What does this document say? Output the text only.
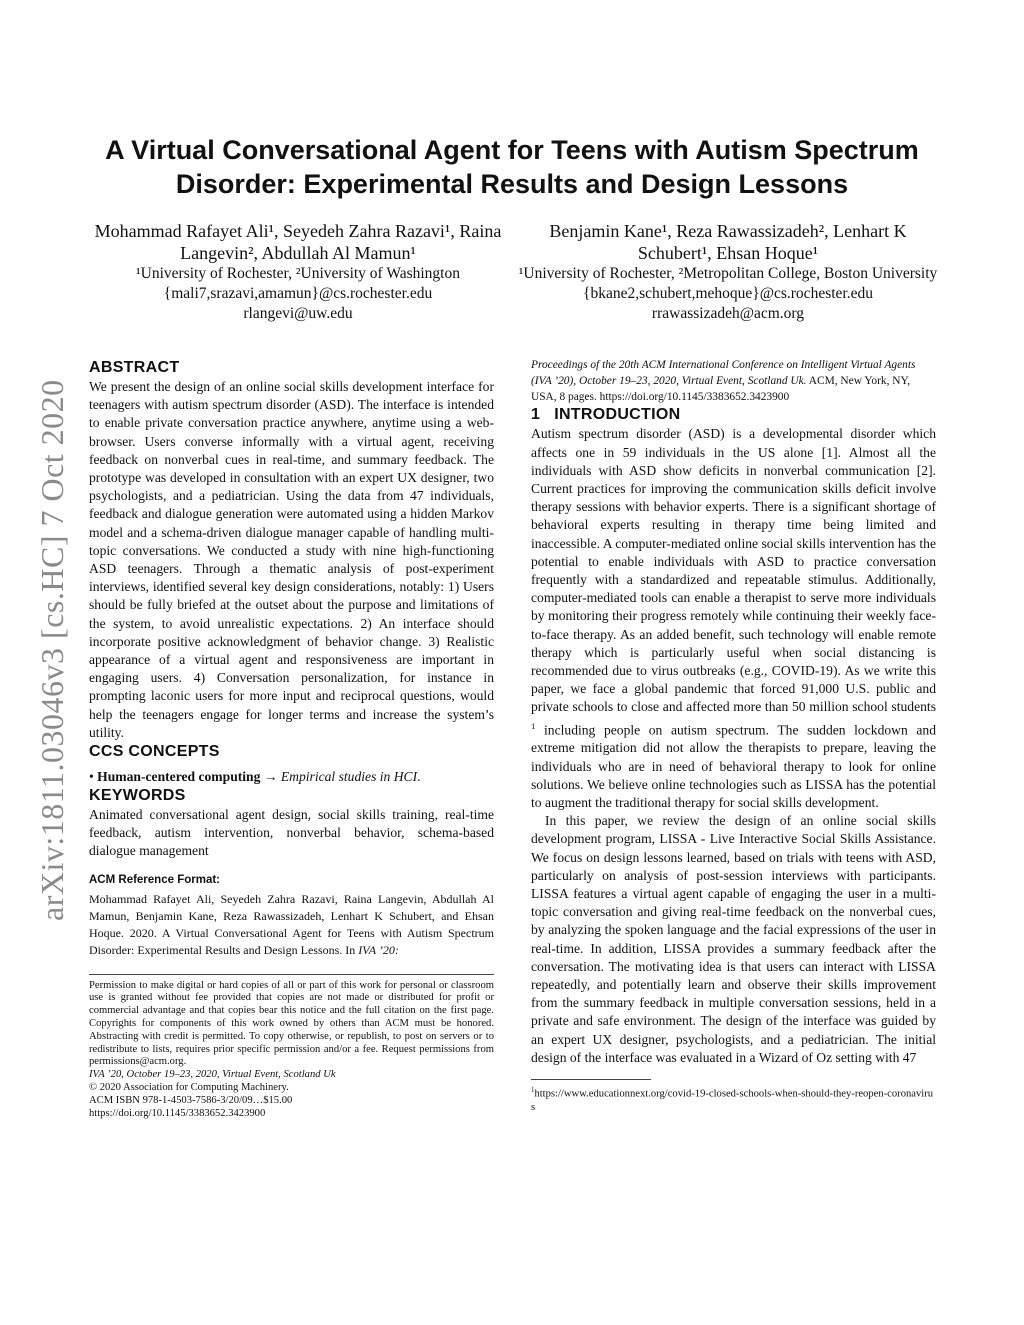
arXiv:1811.03046v3 [cs.HC] 7 Oct 2020
A Virtual Conversational Agent for Teens with Autism Spectrum Disorder: Experimental Results and Design Lessons
Mohammad Rafayet Ali¹, Seyedeh Zahra Razavi¹, Raina Langevin², Abdullah Al Mamun¹
¹University of Rochester, ²University of Washington
{mali7,srazavi,amamun}@cs.rochester.edu
rlangevi@uw.edu
Benjamin Kane¹, Reza Rawassizadeh², Lenhart K Schubert¹, Ehsan Hoque¹
¹University of Rochester, ²Metropolitan College, Boston University
{bkane2,schubert,mehoque}@cs.rochester.edu
rrawassizadeh@acm.org
ABSTRACT

We present the design of an online social skills development interface for teenagers with autism spectrum disorder (ASD). The interface is intended to enable private conversation practice anywhere, anytime using a web-browser. Users converse informally with a virtual agent, receiving feedback on nonverbal cues in real-time, and summary feedback. The prototype was developed in consultation with an expert UX designer, two psychologists, and a pediatrician. Using the data from 47 individuals, feedback and dialogue generation were automated using a hidden Markov model and a schema-driven dialogue manager capable of handling multi-topic conversations. We conducted a study with nine high-functioning ASD teenagers. Through a thematic analysis of post-experiment interviews, identified several key design considerations, notably: 1) Users should be fully briefed at the outset about the purpose and limitations of the system, to avoid unrealistic expectations. 2) An interface should incorporate positive acknowledgment of behavior change. 3) Realistic appearance of a virtual agent and responsiveness are important in engaging users. 4) Conversation personalization, for instance in prompting laconic users for more input and reciprocal questions, would help the teenagers engage for longer terms and increase the system’s utility.

CCS CONCEPTS
• Human-centered computing → Empirical studies in HCI.
KEYWORDS

Animated conversational agent design, social skills training, real-time feedback, autism intervention, nonverbal behavior, schema-based dialogue management

ACM Reference Format:

Mohammad Rafayet Ali, Seyedeh Zahra Razavi, Raina Langevin, Abdullah Al Mamun, Benjamin Kane, Reza Rawassizadeh, Lenhart K Schubert, and Ehsan Hoque. 2020. A Virtual Conversational Agent for Teens with Autism Spectrum Disorder: Experimental Results and Design Lessons. In IVA ’20:

Permission to make digital or hard copies of all or part of this work for personal or classroom use is granted without fee provided that copies are not made or distributed for profit or commercial advantage and that copies bear this notice and the full citation on the first page. Copyrights for components of this work owned by others than ACM must be honored. Abstracting with credit is permitted. To copy otherwise, or republish, to post on servers or to redistribute to lists, requires prior specific permission and/or a fee. Request permissions from permissions@acm.org.

IVA ’20, October 19–23, 2020, Virtual Event, Scotland Uk

© 2020 Association for Computing Machinery.

ACM ISBN 978-1-4503-7586-3/20/09…$15.00

https://doi.org/10.1145/3383652.3423900

Proceedings of the 20th ACM International Conference on Intelligent Virtual Agents (IVA ’20), October 19–23, 2020, Virtual Event, Scotland Uk. ACM, New York, NY, USA, 8 pages. https://doi.org/10.1145/3383652.3423900

1 INTRODUCTION

Autism spectrum disorder (ASD) is a developmental disorder which affects one in 59 individuals in the US alone [1]. Almost all the individuals with ASD show deficits in nonverbal communication [2]. Current practices for improving the communication skills deficit involve therapy sessions with behavior experts. There is a significant shortage of behavioral experts resulting in therapy time being limited and inaccessible. A computer-mediated online social skills intervention has the potential to enable individuals with ASD to practice conversation frequently with a standardized and repeatable stimulus. Additionally, computer-mediated tools can enable a therapist to serve more individuals by monitoring their progress remotely while continuing their weekly face-to-face therapy. As an added benefit, such technology will enable remote therapy which is particularly useful when social distancing is recommended due to virus outbreaks (e.g., COVID-19). As we write this paper, we face a global pandemic that forced 91,000 U.S. public and private schools to close and affected more than 50 million school students $^1$ including people on autism spectrum. The sudden lockdown and extreme mitigation did not allow the therapists to prepare, leaving the individuals who are in need of behavioral therapy to look for online solutions. We believe online technologies such as LISSA has the potential to augment the traditional therapy for social skills development.

In this paper, we review the design of an online social skills development program, LISSA - Live Interactive Social Skills Assistance. We focus on design lessons learned, based on trials with teens with ASD, particularly on analysis of post-session interviews with participants. LISSA features a virtual agent capable of engaging the user in a multi-topic conversation and giving real-time feedback on the nonverbal cues, by analyzing the spoken language and the facial expressions of the user in real-time. In addition, LISSA provides a summary feedback after the conversation. The motivating idea is that users can interact with LISSA repeatedly, and potentially learn and observe their skills improvement from the summary feedback in multiple conversation sessions, held in a private and safe environment. The design of the interface was guided by an expert UX designer, psychologists, and a pediatrician. The initial design of the interface was evaluated in a Wizard of Oz setting with 47

$^1$https://www.educationnext.org/covid-19-closed-schools-when-should-they-reopen-coronavirus
